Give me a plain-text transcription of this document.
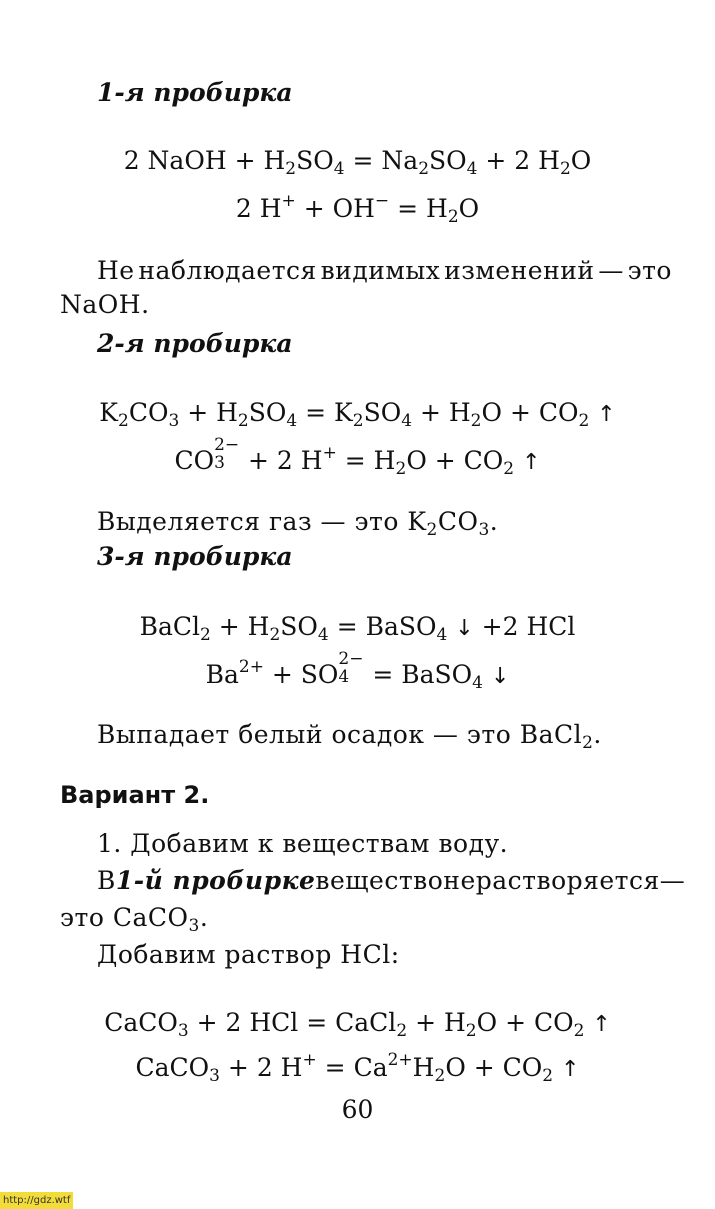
1-я пробирка
2 NaOH + $H_2SO_4 = Na_2SO_4 + 2$ $H_2O$
2 $H^+ + OH^- = H_2O$
Не наблюдается видимых изменений — это
NaOH.
2-я пробирка
$K_2CO_3 + H_2SO_4 = K_2SO_4 + H_2O + CO_2$ ↑
CO
2−
3 + 2 $H^+ = H_2O + CO_2$ ↑
Выделяется газ — это $K_2CO_3$.
3-я пробирка
BaCl$_2$ + $H_2SO_4$ = BaSO$_4$ ↓ +2 HCl
$Ba^{2+}$ + SO
2−
4 = BaSO$_4$ ↓
Выпадает белый осадок — это BaCl$_2$.
Вариант 2.
1. Добавим к веществам воду.
В 1-й пробирке вещество не растворяется —
это CaCO$_3$.
Добавим раствор HCl:
CaCO$_3$ + 2 HCl = CaCl$_2$ + $H_2O + CO_2$ ↑
CaCO$_3$ + 2 $H^+ = Ca^{2+}H_2O + CO_2$ ↑
60
http://gdz.wtf
